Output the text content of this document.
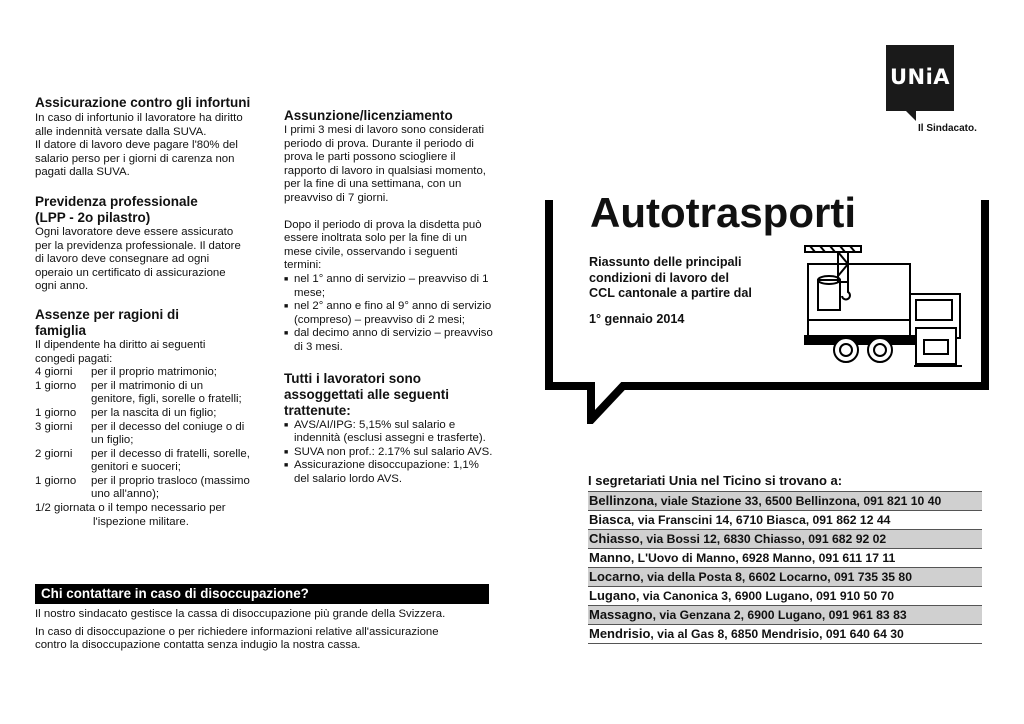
Assicurazione contro gli infortuni

In caso di infortunio il lavoratore ha diritto

alle indennità versate dalla SUVA.

Il datore di lavoro deve pagare l'80% del

salario perso per i giorni di carenza non

pagati dalla SUVA.

Previdenza professionale

(LPP - 2o pilastro)

Ogni lavoratore deve essere assicurato

per la previdenza professionale. Il datore

di lavoro deve consegnare ad ogni

operaio un certificato di assicurazione

ogni anno.

Assenze per ragioni di

famiglia

Il dipendente ha diritto ai seguenti

congedi pagati:

4 giorni	per il proprio matrimonio;
1 giorno	per il matrimonio di un
genitore, figli, sorelle o fratelli;
1 giorno	per la nascita di un figlio;
3 giorni	per il decesso del coniuge o di
un figlio;
2 giorni	per il decesso di fratelli, sorelle,
genitori e suoceri;
1 giorno	per il proprio trasloco (massimo
uno all'anno);

1/2 giornata o il tempo necessario per

l'ispezione militare.

Assunzione/licenziamento

I primi 3 mesi di lavoro sono considerati

periodo di prova. Durante il periodo di

prova le parti possono sciogliere il

rapporto di lavoro in qualsiasi momento,

per la fine di una settimana, con un

preavviso di 7 giorni.

Dopo il periodo di prova la disdetta può

essere inoltrata solo per la fine di un

mese civile, osservando i seguenti

termini:

■ nel 1° anno di servizio – preavviso di 1
mese;
■ nel 2° anno e fino al 9° anno di servizio
(compreso) – preavviso di 2 mesi;
■ dal decimo anno di servizio – preavviso
di 3 mesi.

Tutti i lavoratori sono

assoggettati alle seguenti

trattenute:

■ AVS/AI/IPG: 5,15% sul salario e
indennità (esclusi assegni e trasferte).
■ SUVA non prof.: 2.17% sul salario AVS.
■ Assicurazione disoccupazione: 1,1%
del salario lordo AVS.
Chi contattare in caso di disoccupazione?

Il nostro sindacato gestisce la cassa di disoccupazione più grande della Svizzera.

In caso di disoccupazione o per richiedere informazioni relative all'assicurazione

contro la disoccupazione contatta senza indugio la nostra cassa.

UNiA
Il Sindacato.
Autotrasporti

Riassunto delle principali

condizioni di lavoro del

CCL cantonale a partire dal

1° gennaio 2014

I segretariati Unia nel Ticino si trovano a:

Bellinzona, viale Stazione 33, 6500 Bellinzona, 091 821 10 40
Biasca, via Franscini 14, 6710 Biasca, 091 862 12 44
Chiasso, via Bossi 12, 6830 Chiasso, 091 682 92 02
Manno, L'Uovo di Manno, 6928 Manno, 091 611 17 11
Locarno, via della Posta 8, 6602 Locarno, 091 735 35 80
Lugano, via Canonica 3, 6900 Lugano, 091 910 50 70
Massagno, via Genzana 2, 6900 Lugano, 091 961 83 83
Mendrisio, via al Gas 8, 6850 Mendrisio, 091 640 64 30
